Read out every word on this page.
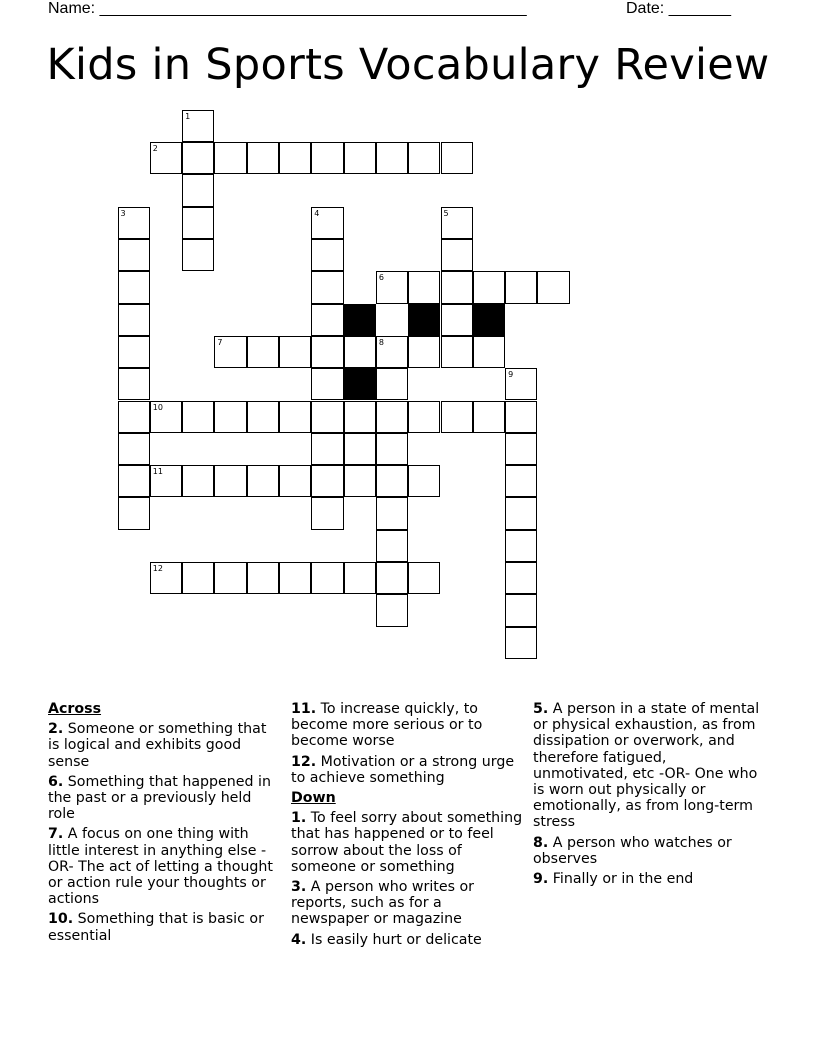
Name: ________________________________________________	Date: _______
Kids in Sports Vocabulary Review
1
2
3	4	5
6
7	8
9
10
11
12
Across
2. Someone or something that is logical and exhibits good sense
6. Something that happened in the past or a previously held role
7. A focus on one thing with little interest in anything else - OR- The act of letting a thought or action rule your thoughts or actions
10. Something that is basic or essential
11. To increase quickly, to become more serious or to become worse
12. Motivation or a strong urge to achieve something
Down
1. To feel sorry about something that has happened or to feel sorrow about the loss of someone or something
3. A person who writes or reports, such as for a newspaper or magazine
4. Is easily hurt or delicate
5. A person in a state of mental or physical exhaustion, as from dissipation or overwork, and therefore fatigued, unmotivated, etc -OR- One who is worn out physically or emotionally, as from long-term stress
8. A person who watches or observes
9. Finally or in the end
